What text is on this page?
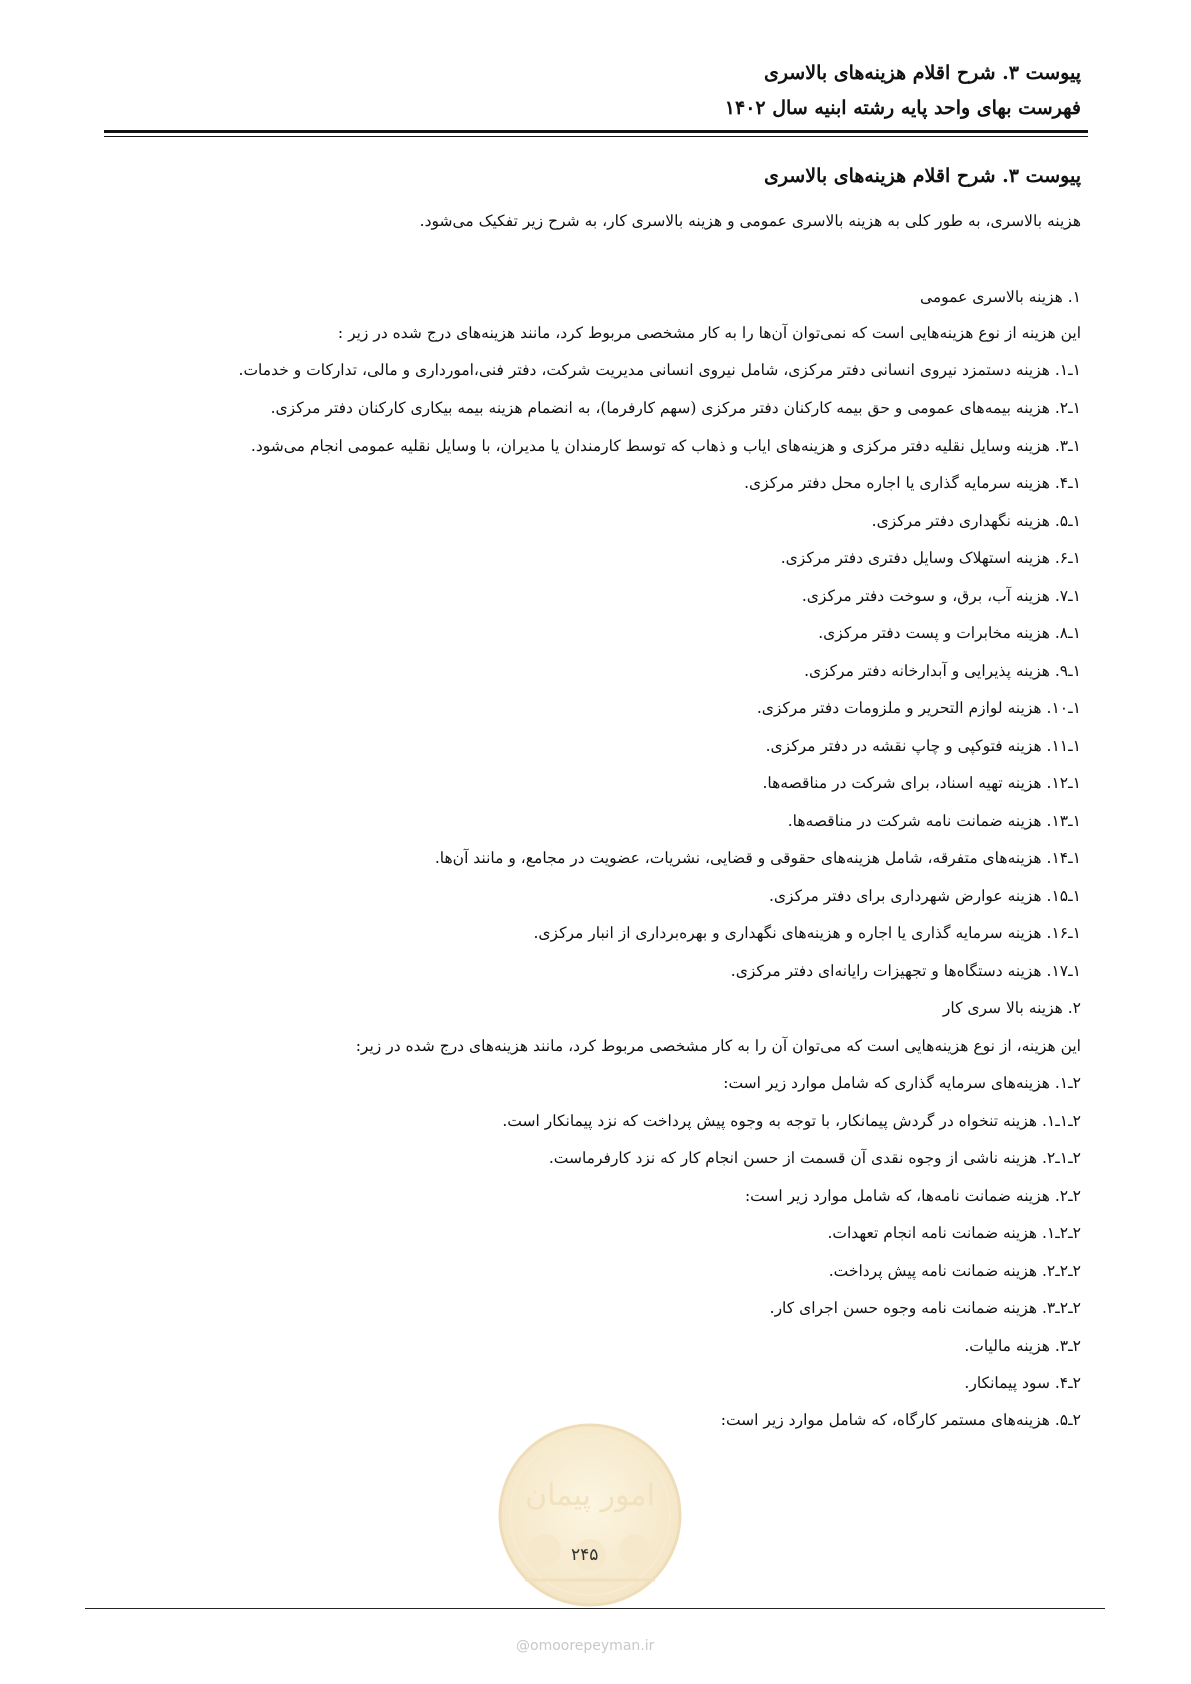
پیوست ۳. شرح اقلام هزینه‌های بالاسری
فهرست بهای واحد پایه رشته ابنیه سال ۱۴۰۲
پیوست ۳. شرح اقلام هزینه‌های بالاسری
هزینه بالاسری، به طور کلی به هزینه بالاسری عمومی و هزینه بالاسری کار، به شرح زیر تفکیک می‌شود.
۱. هزینه بالاسری عمومی
این هزینه از نوع هزینه‌هایی است که نمی‌توان آن‌ها را به کار مشخصی مربوط کرد، مانند هزینه‌های درج شده در زیر :
۱ـ۱. هزینه دستمزد نیروی انسانی دفتر مرکزی، شامل نیروی انسانی مدیریت شرکت، دفتر فنی،امورداری و مالی، تدارکات و خدمات.
۱ـ۲. هزینه بیمه‌های عمومی و حق بیمه کارکنان دفتر مرکزی (سهم کارفرما)، به انضمام هزینه بیمه بیکاری کارکنان دفتر مرکزی.
۱ـ۳. هزینه وسایل نقلیه دفتر مرکزی و هزینه‌های ایاب و ذهاب که توسط کارمندان یا مدیران، با وسایل نقلیه عمومی انجام می‌شود.
۱ـ۴. هزینه سرمایه گذاری یا اجاره محل دفتر مرکزی.
۱ـ۵. هزینه نگهداری دفتر مرکزی.
۱ـ۶. هزینه استهلاک وسایل دفتری دفتر مرکزی.
۱ـ۷. هزینه آب، برق، و سوخت دفتر مرکزی.
۱ـ۸. هزینه مخابرات و پست دفتر مرکزی.
۱ـ۹. هزینه پذیرایی و آبدارخانه دفتر مرکزی.
۱ـ۱۰. هزینه لوازم التحریر و ملزومات دفتر مرکزی.
۱ـ۱۱. هزینه فتوکپی و چاپ نقشه در دفتر مرکزی.
۱ـ۱۲. هزینه تهیه اسناد، برای شرکت در مناقصه‌ها.
۱ـ۱۳. هزینه ضمانت نامه شرکت در مناقصه‌ها.
۱ـ۱۴. هزینه‌های متفرقه، شامل هزینه‌های حقوقی و قضایی، نشریات، عضویت در مجامع، و مانند آن‌ها.
۱ـ۱۵. هزینه عوارض شهرداری برای دفتر مرکزی.
۱ـ۱۶. هزینه سرمایه گذاری یا اجاره و هزینه‌های نگهداری و بهره‌برداری از انبار مرکزی.
۱ـ۱۷. هزینه دستگاه‌ها و تجهیزات رایانه‌ای دفتر مرکزی.
۲. هزینه بالا سری کار
این هزینه، از نوع هزینه‌هایی است که می‌توان آن را به کار مشخصی مربوط کرد، مانند هزینه‌های درج شده در زیر:
۲ـ۱. هزینه‌های سرمایه گذاری که شامل موارد زیر است:
۲ـ۱ـ۱. هزینه تنخواه در گردش پیمانکار، با توجه به وجوه پیش پرداخت که نزد پیمانکار است.
۲ـ۱ـ۲. هزینه ناشی از وجوه نقدی آن قسمت از حسن انجام کار که نزد کارفرماست.
۲ـ۲. هزینه ضمانت نامه‌ها، که شامل موارد زیر است:
۲ـ۲ـ۱. هزینه ضمانت نامه انجام تعهدات.
۲ـ۲ـ۲. هزینه ضمانت نامه پیش پرداخت.
۲ـ۲ـ۳. هزینه ضمانت نامه وجوه حسن اجرای کار.
۲ـ۳. هزینه مالیات.
۲ـ۴. سود پیمانکار.
۲ـ۵. هزینه‌های مستمر کارگاه، که شامل موارد زیر است:
امور پیمان
۲۴۵
@omoorepeyman.ir
